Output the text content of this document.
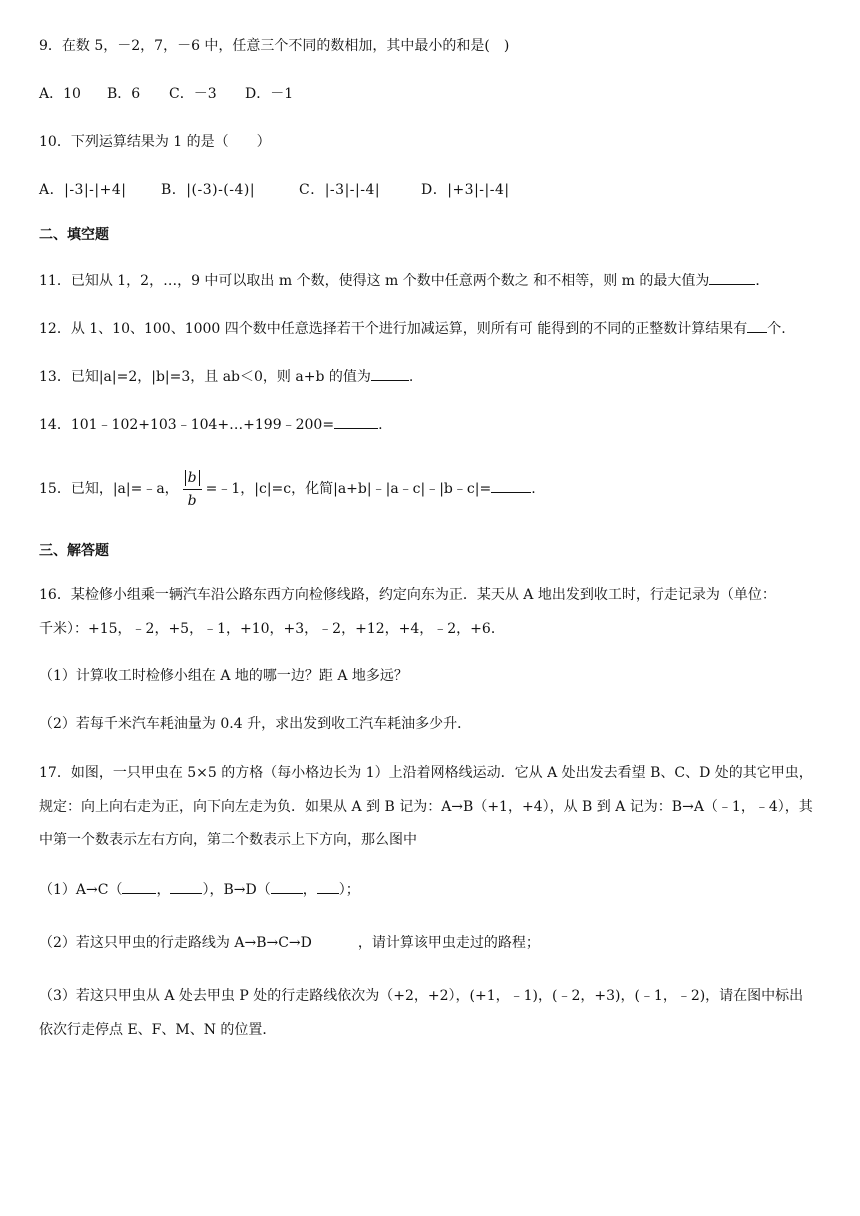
9．在数 5，－2，7，－6 中，任意三个不同的数相加，其中最小的和是(　)
A．10 B．6 C．－3 D．－1
10．下列运算结果为 1 的是（　　）
A．|-3|-|+4| B．|(-3)-(-4)|	C．|-3|-|-4|	D．|+3|-|-4|
二、填空题
11．已知从 1，2，…，9 中可以取出 m 个数，使得这 m 个数中任意两个数之 和不相等，则 m 的最大值为	．
12．从 1、10、100、1000 四个数中任意选择若干个进行加减运算，则所有可 能得到的不同的正整数计算结果有 个.
13．已知|a|=2，|b|=3，且 ab＜0，则 a+b 的值为	.
14．101﹣102+103﹣104+…+199﹣200=	.
15．已知，|a|=﹣a， $\frac{b}{b}$ =﹣1，|c|=c，化简|a+b|﹣|a﹣c|﹣|b﹣c|=	.
三、解答题
16．某检修小组乘一辆汽车沿公路东西方向检修线路，约定向东为正．某天从 A 地出发到收工时，行走记录为（单位：
千米）：+15，﹣2，+5，﹣1，+10，+3，﹣2，+12，+4，﹣2，+6．
（1）计算收工时检修小组在 A 地的哪一边？距 A 地多远？
（2）若每千米汽车耗油量为 0.4 升，求出发到收工汽车耗油多少升．
17．如图，一只甲虫在 5×5 的方格（每小格边长为 1）上沿着网格线运动．它从 A 处出发去看望 B、C、D 处的其它甲虫，
规定：向上向右走为正，向下向左走为负．如果从 A 到 B 记为：A→B（+1，+4），从 B 到 A 记为：B→A（﹣1，﹣4），其
中第一个数表示左右方向，第二个数表示上下方向，那么图中
（1）A→C（ ， ），B→D（ ， ）；
（2）若这只甲虫的行走路线为 A→B→C→D	，请计算该甲虫走过的路程；
（3）若这只甲虫从 A 处去甲虫 P 处的行走路线依次为（+2，+2），(+1，﹣1)，(﹣2，+3)，(﹣1，﹣2)，请在图中标出
依次行走停点 E、F、M、N 的位置．
